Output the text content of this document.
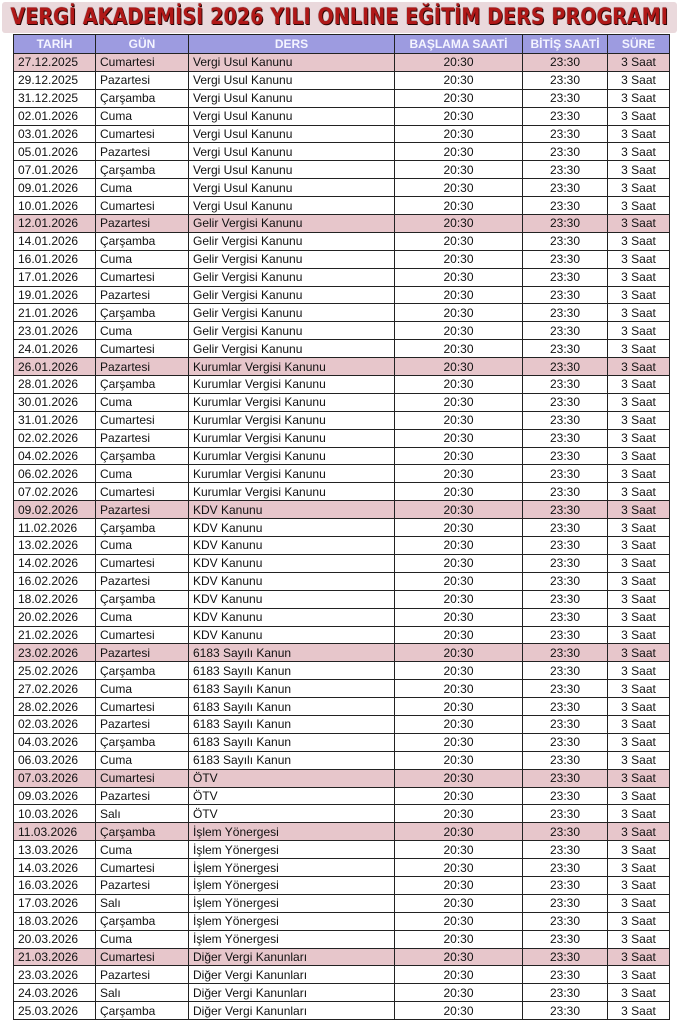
VERGİ AKADEMİSİ 2026 YILI ONLINE EĞİTİM DERS PROGRAMI
TARİH	GÜN	DERS	BAŞLAMA SAATİ	BİTİŞ SAATİ	SÜRE
27.12.2025	Cumartesi	Vergi Usul Kanunu	20:30	23:30	3 Saat
29.12.2025	Pazartesi	Vergi Usul Kanunu	20:30	23:30	3 Saat
31.12.2025	Çarşamba	Vergi Usul Kanunu	20:30	23:30	3 Saat
02.01.2026	Cuma	Vergi Usul Kanunu	20:30	23:30	3 Saat
03.01.2026	Cumartesi	Vergi Usul Kanunu	20:30	23:30	3 Saat
05.01.2026	Pazartesi	Vergi Usul Kanunu	20:30	23:30	3 Saat
07.01.2026	Çarşamba	Vergi Usul Kanunu	20:30	23:30	3 Saat
09.01.2026	Cuma	Vergi Usul Kanunu	20:30	23:30	3 Saat
10.01.2026	Cumartesi	Vergi Usul Kanunu	20:30	23:30	3 Saat
12.01.2026	Pazartesi	Gelir Vergisi Kanunu	20:30	23:30	3 Saat
14.01.2026	Çarşamba	Gelir Vergisi Kanunu	20:30	23:30	3 Saat
16.01.2026	Cuma	Gelir Vergisi Kanunu	20:30	23:30	3 Saat
17.01.2026	Cumartesi	Gelir Vergisi Kanunu	20:30	23:30	3 Saat
19.01.2026	Pazartesi	Gelir Vergisi Kanunu	20:30	23:30	3 Saat
21.01.2026	Çarşamba	Gelir Vergisi Kanunu	20:30	23:30	3 Saat
23.01.2026	Cuma	Gelir Vergisi Kanunu	20:30	23:30	3 Saat
24.01.2026	Cumartesi	Gelir Vergisi Kanunu	20:30	23:30	3 Saat
26.01.2026	Pazartesi	Kurumlar Vergisi Kanunu	20:30	23:30	3 Saat
28.01.2026	Çarşamba	Kurumlar Vergisi Kanunu	20:30	23:30	3 Saat
30.01.2026	Cuma	Kurumlar Vergisi Kanunu	20:30	23:30	3 Saat
31.01.2026	Cumartesi	Kurumlar Vergisi Kanunu	20:30	23:30	3 Saat
02.02.2026	Pazartesi	Kurumlar Vergisi Kanunu	20:30	23:30	3 Saat
04.02.2026	Çarşamba	Kurumlar Vergisi Kanunu	20:30	23:30	3 Saat
06.02.2026	Cuma	Kurumlar Vergisi Kanunu	20:30	23:30	3 Saat
07.02.2026	Cumartesi	Kurumlar Vergisi Kanunu	20:30	23:30	3 Saat
09.02.2026	Pazartesi	KDV Kanunu	20:30	23:30	3 Saat
11.02.2026	Çarşamba	KDV Kanunu	20:30	23:30	3 Saat
13.02.2026	Cuma	KDV Kanunu	20:30	23:30	3 Saat
14.02.2026	Cumartesi	KDV Kanunu	20:30	23:30	3 Saat
16.02.2026	Pazartesi	KDV Kanunu	20:30	23:30	3 Saat
18.02.2026	Çarşamba	KDV Kanunu	20:30	23:30	3 Saat
20.02.2026	Cuma	KDV Kanunu	20:30	23:30	3 Saat
21.02.2026	Cumartesi	KDV Kanunu	20:30	23:30	3 Saat
23.02.2026	Pazartesi	6183 Sayılı Kanun	20:30	23:30	3 Saat
25.02.2026	Çarşamba	6183 Sayılı Kanun	20:30	23:30	3 Saat
27.02.2026	Cuma	6183 Sayılı Kanun	20:30	23:30	3 Saat
28.02.2026	Cumartesi	6183 Sayılı Kanun	20:30	23:30	3 Saat
02.03.2026	Pazartesi	6183 Sayılı Kanun	20:30	23:30	3 Saat
04.03.2026	Çarşamba	6183 Sayılı Kanun	20:30	23:30	3 Saat
06.03.2026	Cuma	6183 Sayılı Kanun	20:30	23:30	3 Saat
07.03.2026	Cumartesi	ÖTV	20:30	23:30	3 Saat
09.03.2026	Pazartesi	ÖTV	20:30	23:30	3 Saat
10.03.2026	Salı	ÖTV	20:30	23:30	3 Saat
11.03.2026	Çarşamba	İşlem Yönergesi	20:30	23:30	3 Saat
13.03.2026	Cuma	İşlem Yönergesi	20:30	23:30	3 Saat
14.03.2026	Cumartesi	İşlem Yönergesi	20:30	23:30	3 Saat
16.03.2026	Pazartesi	İşlem Yönergesi	20:30	23:30	3 Saat
17.03.2026	Salı	İşlem Yönergesi	20:30	23:30	3 Saat
18.03.2026	Çarşamba	İşlem Yönergesi	20:30	23:30	3 Saat
20.03.2026	Cuma	İşlem Yönergesi	20:30	23:30	3 Saat
21.03.2026	Cumartesi	Diğer Vergi Kanunları	20:30	23:30	3 Saat
23.03.2026	Pazartesi	Diğer Vergi Kanunları	20:30	23:30	3 Saat
24.03.2026	Salı	Diğer Vergi Kanunları	20:30	23:30	3 Saat
25.03.2026	Çarşamba	Diğer Vergi Kanunları	20:30	23:30	3 Saat
